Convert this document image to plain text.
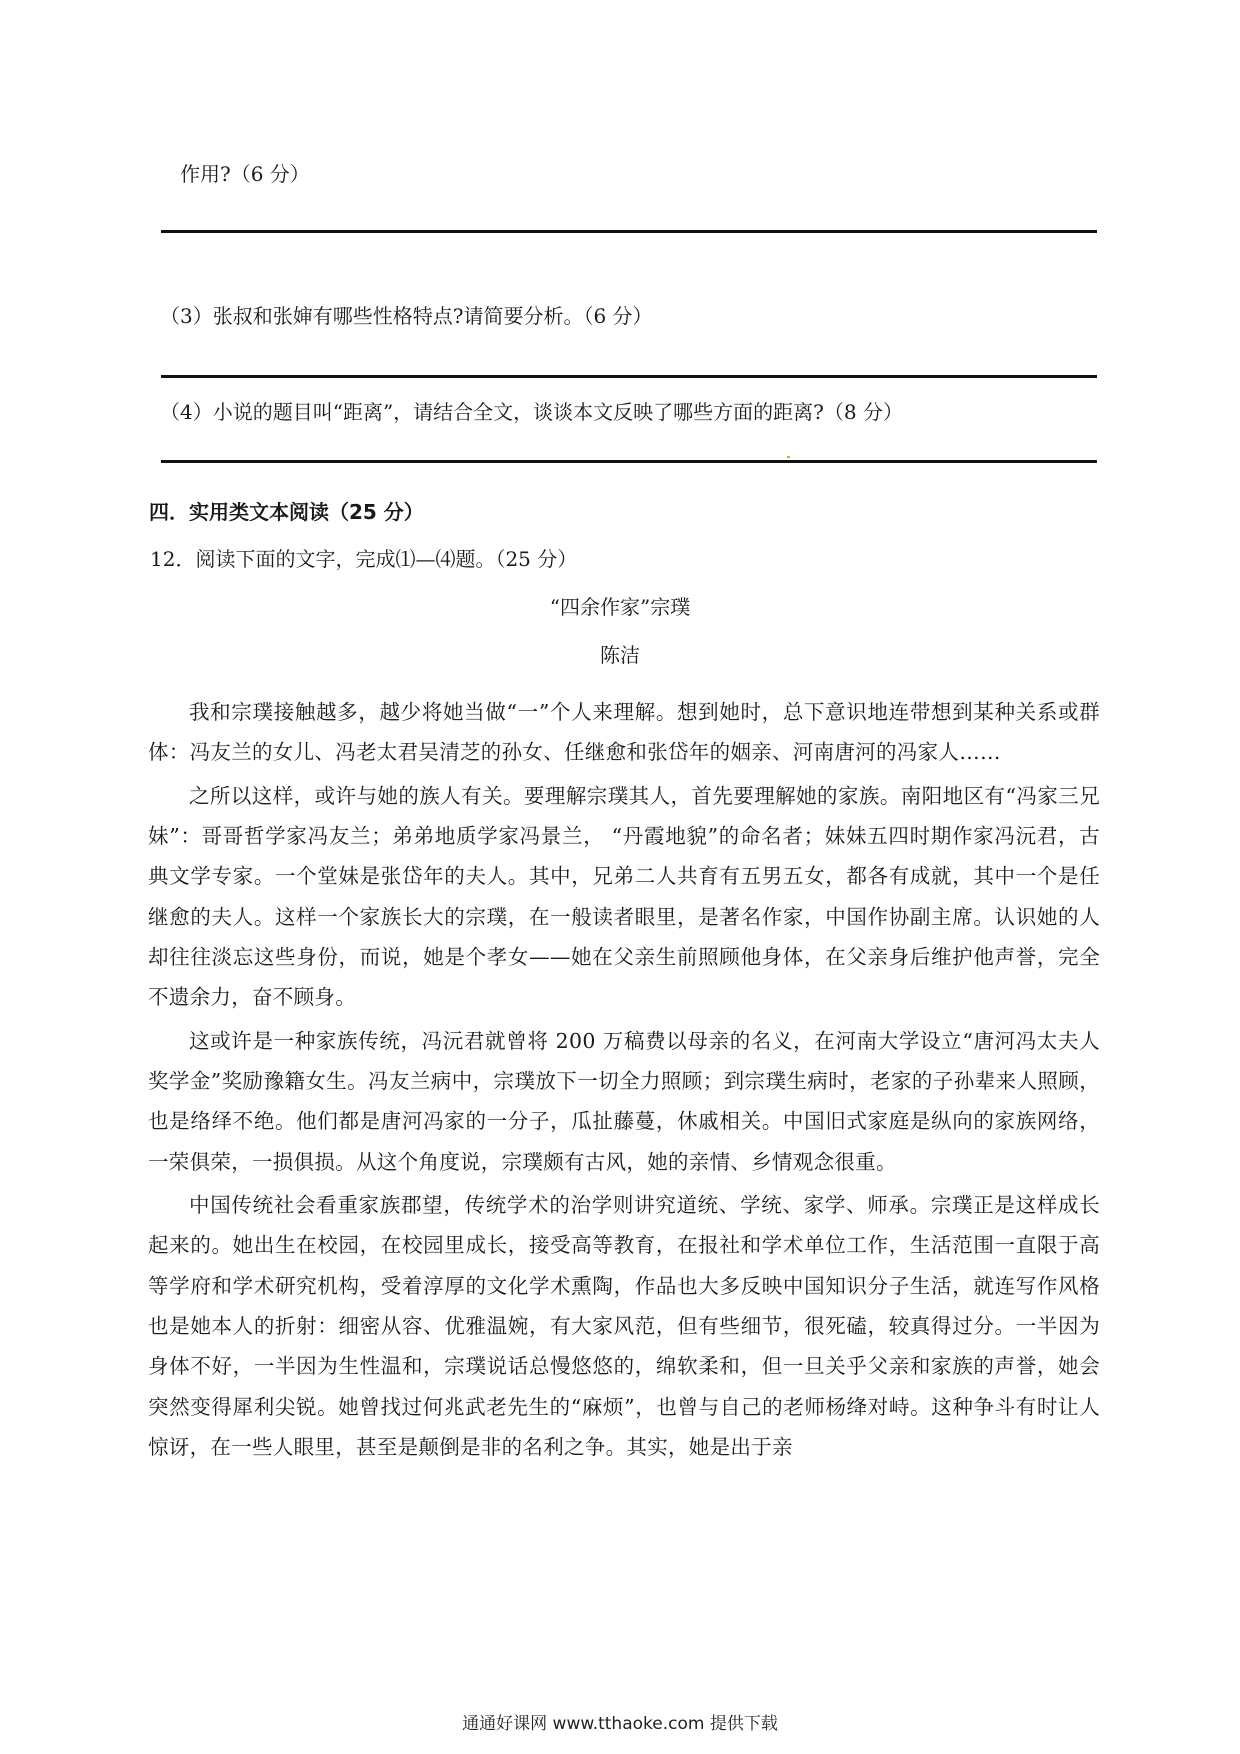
作用?（6 分）
（3）张叔和张婶有哪些性格特点?请简要分析。（6 分）
（4）小说的题目叫“距离”，请结合全文，谈谈本文反映了哪些方面的距离?（8 分）
四．实用类文本阅读（25 分）
12．阅读下面的文字，完成⑴—⑷题。（25 分）
“四余作家”宗璞
陈洁

我和宗璞接触越多，越少将她当做“一”个人来理解。想到她时，总下意识地连带想到某种关系或群体：冯友兰的女儿、冯老太君吴清芝的孙女、任继愈和张岱年的姻亲、河南唐河的冯家人……

之所以这样，或许与她的族人有关。要理解宗璞其人，首先要理解她的家族。南阳地区有“冯家三兄妹”：哥哥哲学家冯友兰；弟弟地质学家冯景兰， “丹霞地貌”的命名者；妹妹五四时期作家冯沅君，古典文学专家。一个堂妹是张岱年的夫人。其中，兄弟二人共育有五男五女，都各有成就，其中一个是任继愈的夫人。这样一个家族长大的宗璞，在一般读者眼里，是著名作家，中国作协副主席。认识她的人却往往淡忘这些身份，而说，她是个孝女——她在父亲生前照顾他身体，在父亲身后维护他声誉，完全不遗余力，奋不顾身。

这或许是一种家族传统，冯沅君就曾将 200 万稿费以母亲的名义，在河南大学设立“唐河冯太夫人奖学金”奖励豫籍女生。冯友兰病中，宗璞放下一切全力照顾；到宗璞生病时，老家的子孙辈来人照顾，也是络绎不绝。他们都是唐河冯家的一分子，瓜扯藤蔓，休戚相关。中国旧式家庭是纵向的家族网络，一荣俱荣，一损俱损。从这个角度说，宗璞颇有古风，她的亲情、乡情观念很重。

中国传统社会看重家族郡望，传统学术的治学则讲究道统、学统、家学、师承。宗璞正是这样成长起来的。她出生在校园，在校园里成长，接受高等教育，在报社和学术单位工作，生活范围一直限于高等学府和学术研究机构，受着淳厚的文化学术熏陶，作品也大多反映中国知识分子生活，就连写作风格也是她本人的折射：细密从容、优雅温婉，有大家风范，但有些细节，很死磕，较真得过分。一半因为身体不好，一半因为生性温和，宗璞说话总慢悠悠的，绵软柔和，但一旦关乎父亲和家族的声誉，她会突然变得犀利尖锐。她曾找过何兆武老先生的“麻烦”，也曾与自己的老师杨绛对峙。这种争斗有时让人惊讶，在一些人眼里，甚至是颠倒是非的名利之争。其实，她是出于亲

通通好课网 www.tthaoke.com 提供下载
